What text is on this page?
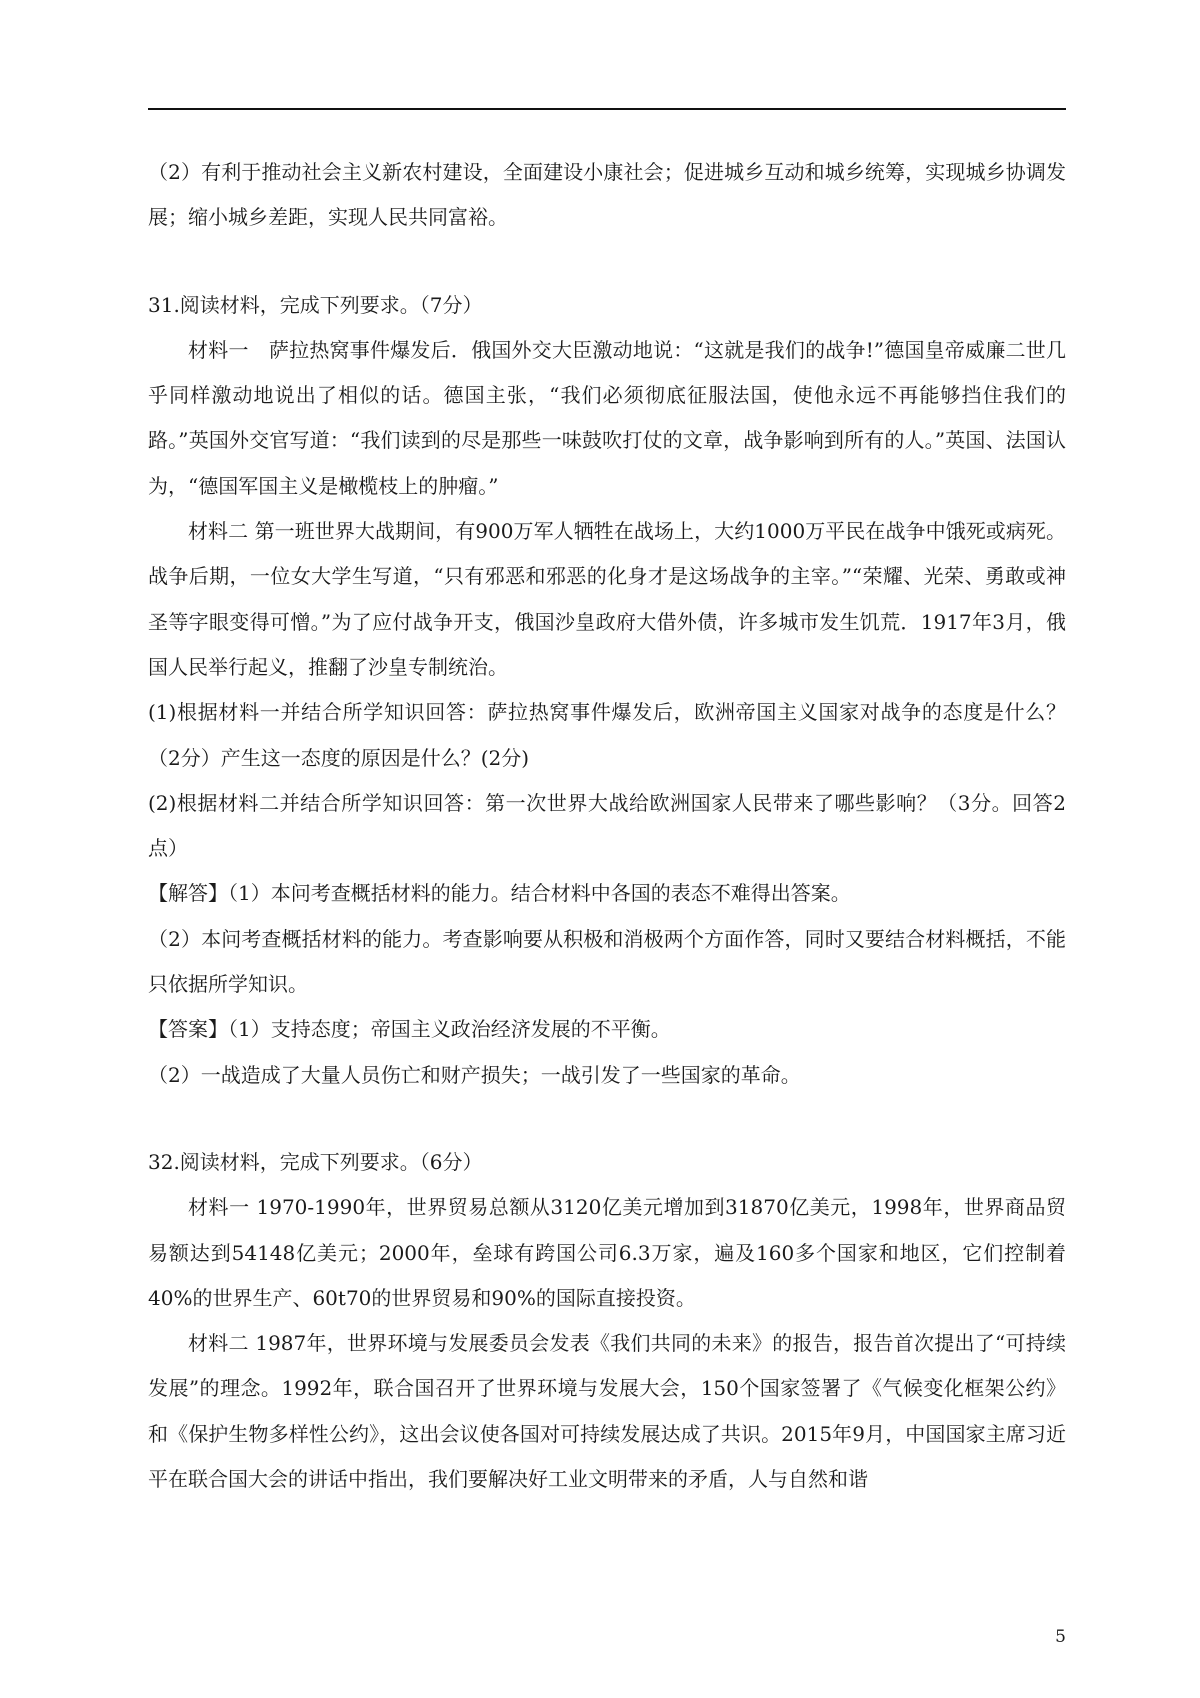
（2）有利于推动社会主义新农村建设，全面建设小康社会；促进城乡互动和城乡统筹，实现城乡协调发展；缩小城乡差距，实现人民共同富裕。

31.阅读材料，完成下列要求。（7分）

材料一　萨拉热窝事件爆发后．俄国外交大臣激动地说：“这就是我们的战争!”德国皇帝威廉二世几乎同样激动地说出了相似的话。德国主张，“我们必须彻底征服法国，使他永远不再能够挡住我们的路。”英国外交官写道：“我们读到的尽是那些一味鼓吹打仗的文章，战争影响到所有的人。”英国、法国认为，“德国军国主义是橄榄枝上的肿瘤。”

材料二 第一班世界大战期间，有900万军人牺牲在战场上，大约1000万平民在战争中饿死或病死。战争后期，一位女大学生写道，“只有邪恶和邪恶的化身才是这场战争的主宰。”“荣耀、光荣、勇敢或神圣等字眼变得可憎。”为了应付战争开支，俄国沙皇政府大借外债，许多城市发生饥荒．1917年3月，俄国人民举行起义，推翻了沙皇专制统治。

(1)根据材料一并结合所学知识回答：萨拉热窝事件爆发后，欧洲帝国主义国家对战争的态度是什么？（2分）产生这一态度的原因是什么？(2分)

(2)根据材料二并结合所学知识回答：第一次世界大战给欧洲国家人民带来了哪些影响？（3分。回答2点）

【解答】（1）本问考查概括材料的能力。结合材料中各国的表态不难得出答案。

（2）本问考查概括材料的能力。考查影响要从积极和消极两个方面作答，同时又要结合材料概括，不能只依据所学知识。

【答案】（1）支持态度；帝国主义政治经济发展的不平衡。

（2）一战造成了大量人员伤亡和财产损失；一战引发了一些国家的革命。

32.阅读材料，完成下列要求。（6分）

材料一 1970-1990年，世界贸易总额从3120亿美元增加到31870亿美元，1998年，世界商品贸易额达到54148亿美元；2000年，垒球有跨国公司6.3万家，遍及160多个国家和地区，它们控制着40%的世界生产、60t70的世界贸易和90%的国际直接投资。

材料二 1987年，世界环境与发展委员会发表《我们共同的未来》的报告，报告首次提出了“可持续发展”的理念。1992年，联合国召开了世界环境与发展大会，150个国家签署了《气候变化框架公约》和《保护生物多样性公约》，这出会议使各国对可持续发展达成了共识。2015年9月，中国国家主席习近平在联合国大会的讲话中指出，我们要解决好工业文明带来的矛盾，人与自然和谐

5
